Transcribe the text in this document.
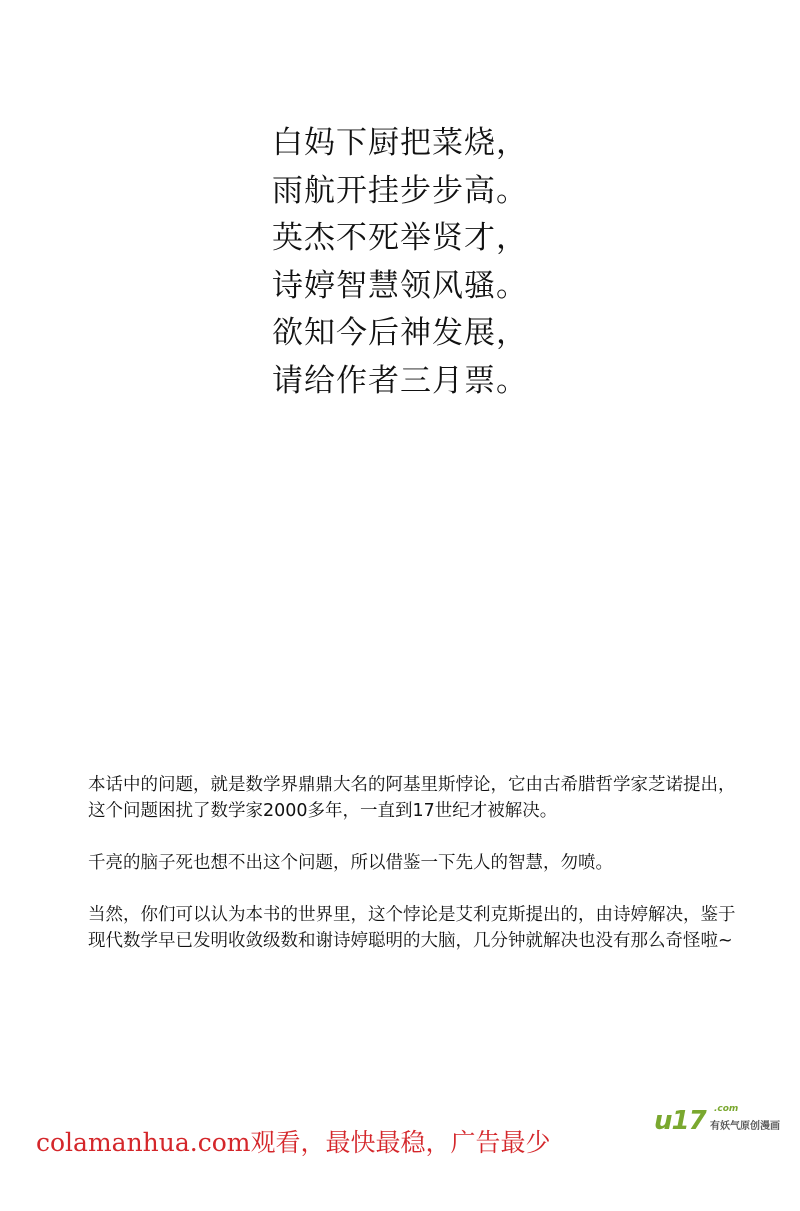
白妈下厨把菜烧，
雨航开挂步步高。
英杰不死举贤才，
诗婷智慧领风骚。
欲知今后神发展，
请给作者三月票。

本话中的问题，就是数学界鼎鼎大名的阿基里斯悖论，它由古希腊哲学家芝诺提出，这个问题困扰了数学家2000多年，一直到17世纪才被解决。

千亮的脑子死也想不出这个问题，所以借鉴一下先人的智慧，勿喷。

当然，你们可以认为本书的世界里，这个悖论是艾利克斯提出的，由诗婷解决，鉴于现代数学早已发明收敛级数和谢诗婷聪明的大脑，几分钟就解决也没有那么奇怪啦~

colamanhua.com观看，最快最稳，广告最少
u17 .com
有妖气原创漫画
